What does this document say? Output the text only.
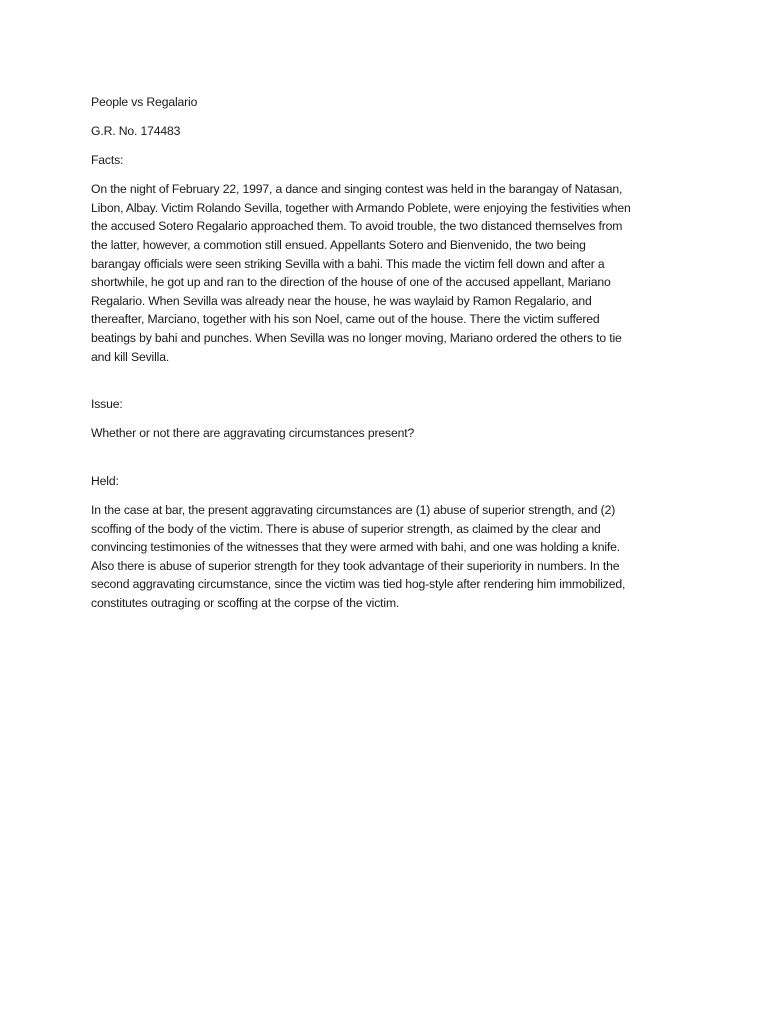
People vs Regalario

G.R. No. 174483

Facts:

On the night of February 22, 1997, a dance and singing contest was held in the barangay of Natasan,
Libon, Albay. Victim Rolando Sevilla, together with Armando Poblete, were enjoying the festivities when
the accused Sotero Regalario approached them. To avoid trouble, the two distanced themselves from
the latter, however, a commotion still ensued. Appellants Sotero and Bienvenido, the two being
barangay officials were seen striking Sevilla with a bahi. This made the victim fell down and after a
shortwhile, he got up and ran to the direction of the house of one of the accused appellant, Mariano
Regalario. When Sevilla was already near the house, he was waylaid by Ramon Regalario, and
thereafter, Marciano, together with his son Noel, came out of the house. There the victim suffered
beatings by bahi and punches. When Sevilla was no longer moving, Mariano ordered the others to tie
and kill Sevilla.

Issue:

Whether or not there are aggravating circumstances present?

Held:

In the case at bar, the present aggravating circumstances are (1) abuse of superior strength, and (2)
scoffing of the body of the victim. There is abuse of superior strength, as claimed by the clear and
convincing testimonies of the witnesses that they were armed with bahi, and one was holding a knife.
Also there is abuse of superior strength for they took advantage of their superiority in numbers. In the
second aggravating circumstance, since the victim was tied hog-style after rendering him immobilized,
constitutes outraging or scoffing at the corpse of the victim.
